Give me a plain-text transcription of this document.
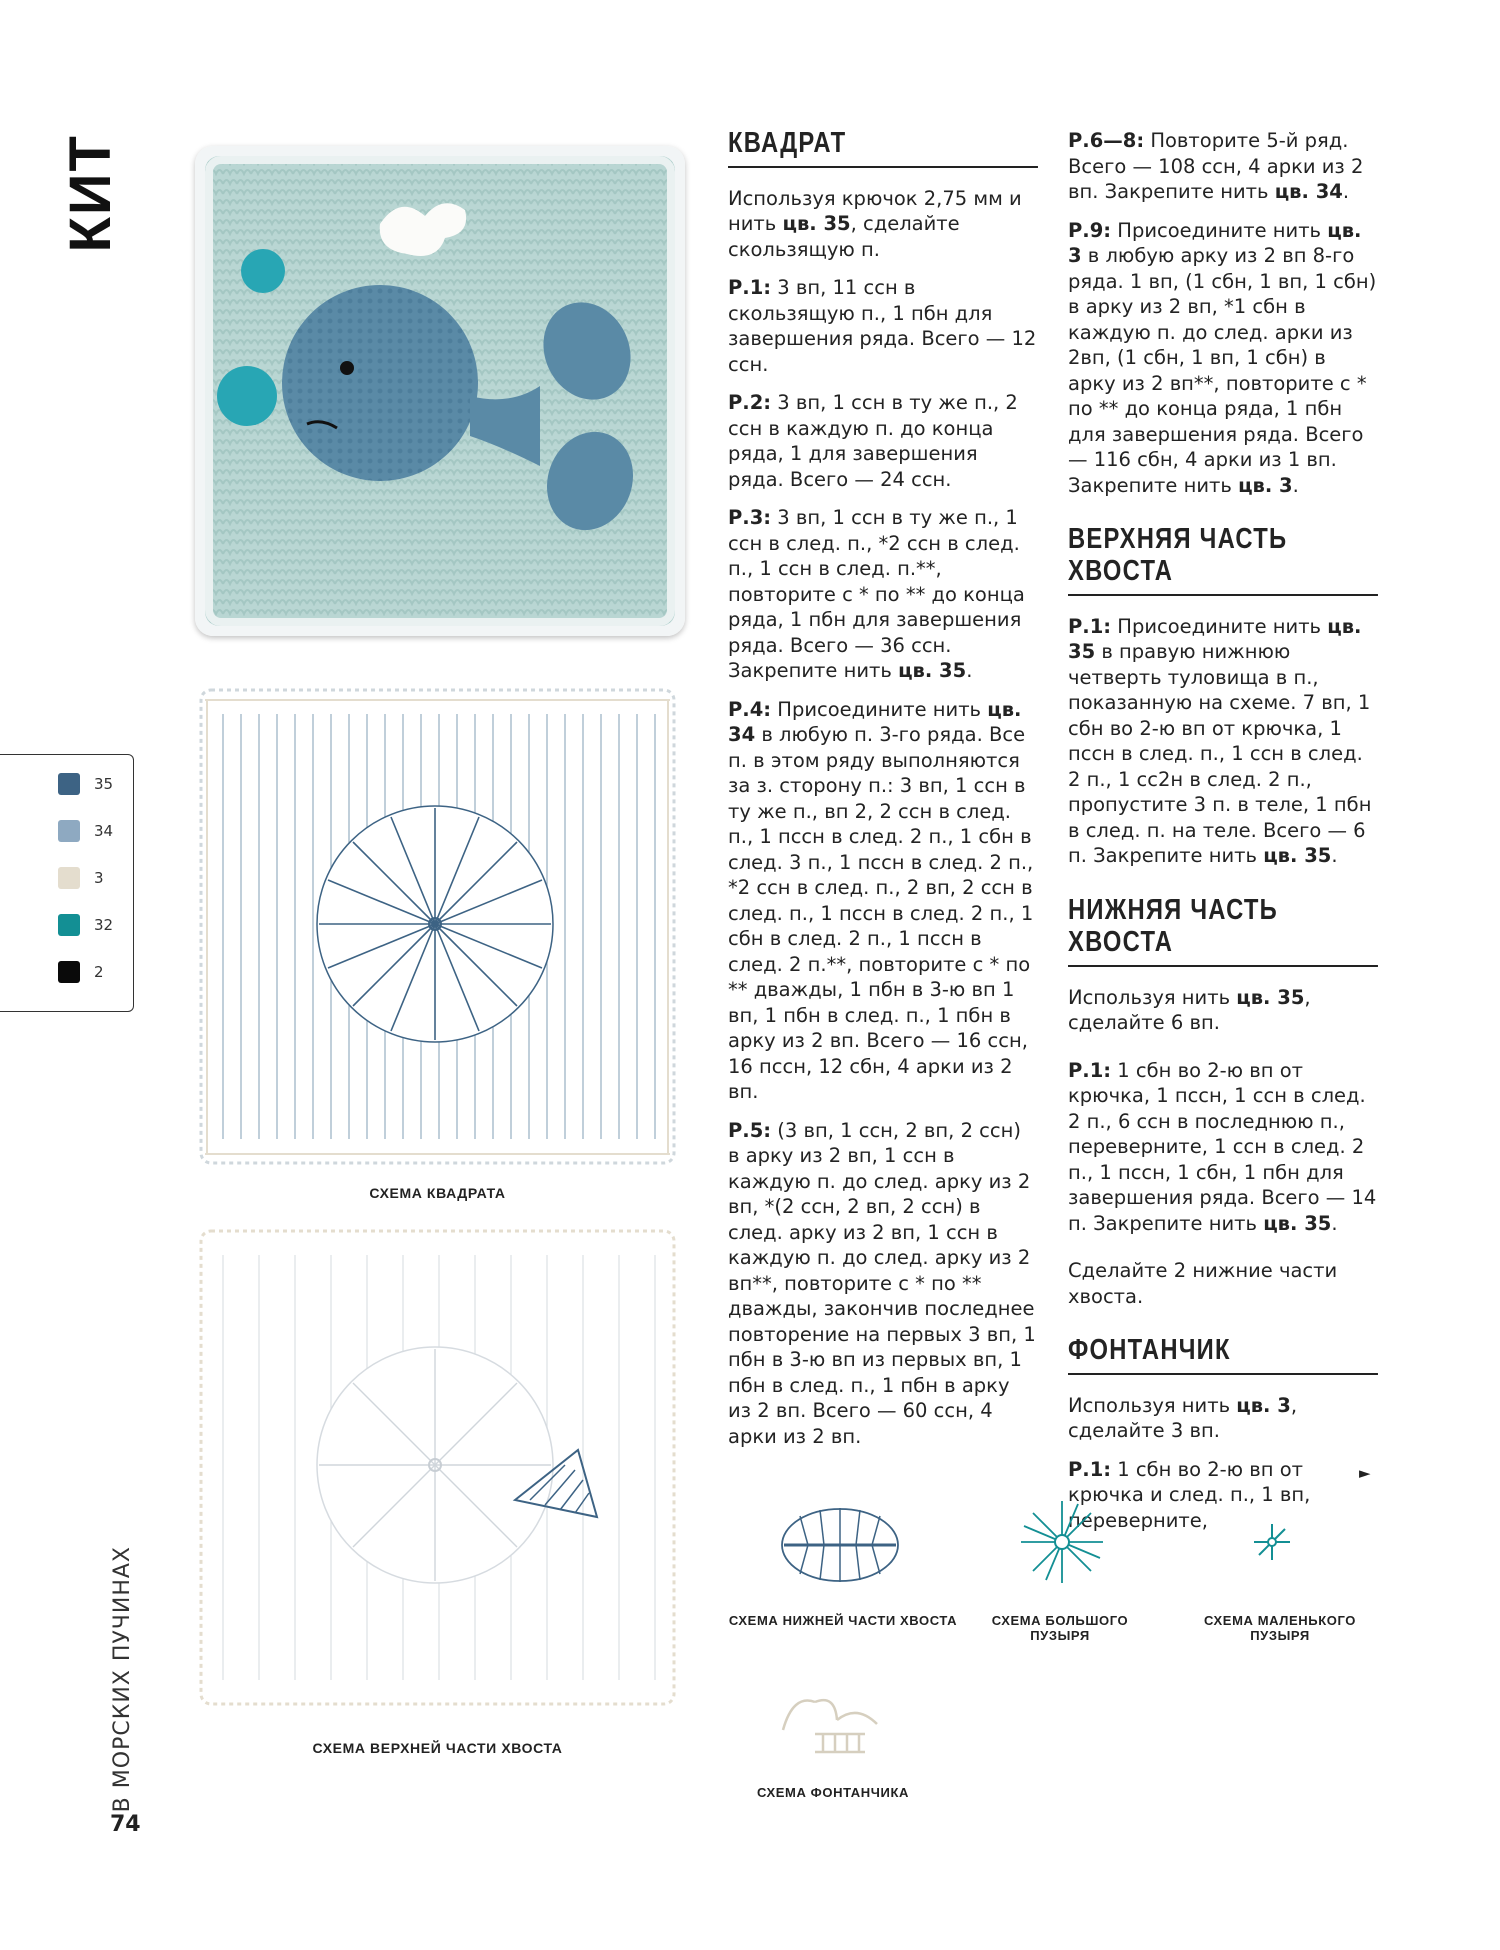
КИТ
35
34
3
32
2
В МОРСКИХ ПУЧИНАХ
74
СХЕМА КВАДРАТА
СХЕМА ВЕРХНЕЙ ЧАСТИ ХВОСТА
КВАДРАТ

Используя крючок 2,75 мм и нить цв. 35, сделайте скользящую п.

Р.1: 3 вп, 11 ссн в скользящую п., 1 пбн для завершения ряда. Всего — 12 ссн.

Р.2: 3 вп, 1 ссн в ту же п., 2 ссн в каждую п. до конца ряда, 1 для завершения ряда. Всего — 24 ссн.

Р.3: 3 вп, 1 ссн в ту же п., 1 ссн в след. п., *2 ссн в след. п., 1 ссн в след. п.**, повторите с * по ** до конца ряда, 1 пбн для завершения ряда. Всего — 36 ссн. Закрепите нить цв. 35.

Р.4: Присоедините нить цв. 34 в любую п. 3-го ряда. Все п. в этом ряду выполняются за з. сторону п.: 3 вп, 1 ссн в ту же п., вп 2, 2 ссн в след. п., 1 пссн в след. 2 п., 1 сбн в след. 3 п., 1 пссн в след. 2 п., *2 ссн в след. п., 2 вп, 2 ссн в след. п., 1 пссн в след. 2 п., 1 сбн в след. 2 п., 1 пссн в след. 2 п.**, повторите с * по ** дважды, 1 пбн в 3-ю вп 1 вп, 1 пбн в след. п., 1 пбн в арку из 2 вп. Всего — 16 ссн, 16 пссн, 12 сбн, 4 арки из 2 вп.

Р.5: (3 вп, 1 ссн, 2 вп, 2 ссн) в арку из 2 вп, 1 ссн в каждую п. до след. арку из 2 вп, *(2 ссн, 2 вп, 2 ссн) в след. арку из 2 вп, 1 ссн в каждую п. до след. арку из 2 вп**, повторите с * по ** дважды, закончив последнее повторение на первых 3 вп, 1 пбн в 3-ю вп из первых вп, 1 пбн в след. п., 1 пбн в арку из 2 вп. Всего — 60 ссн, 4 арки из 2 вп.

Р.6—8: Повторите 5-й ряд. Всего — 108 ссн, 4 арки из 2 вп. Закрепите нить цв. 34.

Р.9: Присоедините нить цв. 3 в любую арку из 2 вп 8-го ряда. 1 вп, (1 сбн, 1 вп, 1 сбн) в арку из 2 вп, *1 сбн в каждую п. до след. арки из 2вп, (1 сбн, 1 вп, 1 сбн) в арку из 2 вп**, повторите с * по ** до конца ряда, 1 пбн для завершения ряда. Всего — 116 сбн, 4 арки из 1 вп. Закрепите нить цв. 3.

ВЕРХНЯЯ ЧАСТЬ ХВОСТА

Р.1: Присоедините нить цв. 35 в правую нижнюю четверть туловища в п., показанную на схеме. 7 вп, 1 сбн во 2-ю вп от крючка, 1 пссн в след. п., 1 ссн в след. 2 п., 1 сс2н в след. 2 п., пропустите 3 п. в теле, 1 пбн в след. п. на теле. Всего — 6 п. Закрепите нить цв. 35.

НИЖНЯЯ ЧАСТЬ ХВОСТА

Используя нить цв. 35, сделайте 6 вп.

Р.1: 1 сбн во 2-ю вп от крючка, 1 пссн, 1 ссн в след. 2 п., 6 ссн в последнюю п., переверните, 1 ссн в след. 2 п., 1 пссн, 1 сбн, 1 пбн для завершения ряда. Всего — 14 п. Закрепите нить цв. 35.

Сделайте 2 нижние части хвоста.

ФОНТАНЧИК

Используя нить цв. 3, сделайте 3 вп.

Р.1: 1 сбн во 2-ю вп от крючка и след. п., 1 вп, переверните,

►
СХЕМА НИЖНЕЙ ЧАСТИ ХВОСТА	СХЕМА БОЛЬШОГО ПУЗЫРЯ
СХЕМА МАЛЕНЬКОГО ПУЗЫРЯ
СХЕМА ФОНТАНЧИКА
